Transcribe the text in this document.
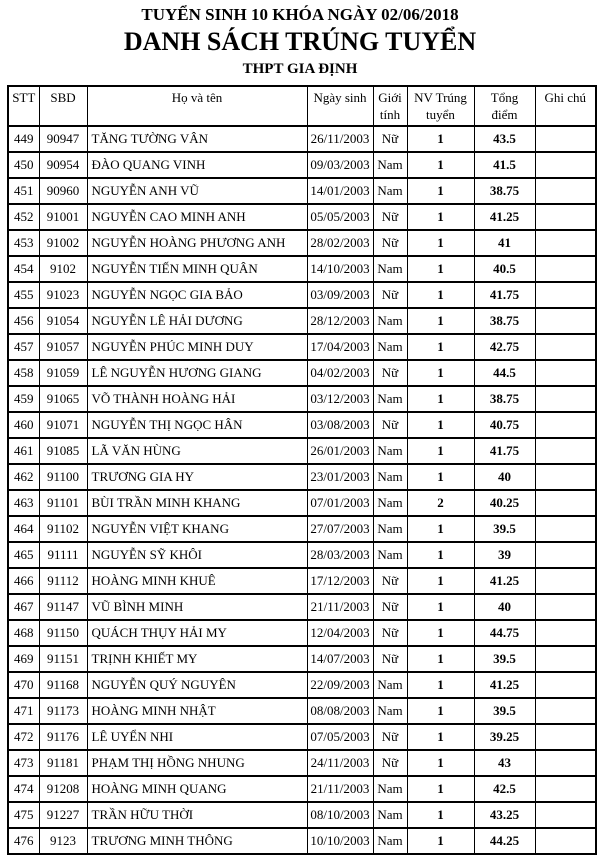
TUYỂN SINH 10 KHÓA NGÀY 02/06/2018
DANH SÁCH TRÚNG TUYỂN
THPT GIA ĐỊNH
STT	SBD	Họ và tên	Ngày sinh	Giới tính	NV Trúng tuyển	Tổng điểm	Ghi chú
449	90947	TĂNG TƯỜNG VÂN	26/11/2003	Nữ	1	43.5	
450	90954	ĐÀO QUANG VINH	09/03/2003	Nam	1	41.5	
451	90960	NGUYỄN ANH VŨ	14/01/2003	Nam	1	38.75	
452	91001	NGUYỄN CAO MINH ANH	05/05/2003	Nữ	1	41.25	
453	91002	NGUYỄN HOÀNG PHƯƠNG ANH	28/02/2003	Nữ	1	41	
454	9102	NGUYỄN TIẾN MINH QUÂN	14/10/2003	Nam	1	40.5	
455	91023	NGUYỄN NGỌC GIA BẢO	03/09/2003	Nữ	1	41.75	
456	91054	NGUYỄN LÊ HẢI DƯƠNG	28/12/2003	Nam	1	38.75	
457	91057	NGUYỄN PHÚC MINH DUY	17/04/2003	Nam	1	42.75	
458	91059	LÊ NGUYỄN HƯƠNG GIANG	04/02/2003	Nữ	1	44.5	
459	91065	VÕ THÀNH HOÀNG HẢI	03/12/2003	Nam	1	38.75	
460	91071	NGUYỄN THỊ NGỌC HÂN	03/08/2003	Nữ	1	40.75	
461	91085	LÃ VĂN HÙNG	26/01/2003	Nam	1	41.75	
462	91100	TRƯƠNG GIA HY	23/01/2003	Nam	1	40	
463	91101	BÙI TRẦN MINH KHANG	07/01/2003	Nam	2	40.25	
464	91102	NGUYỄN VIỆT KHANG	27/07/2003	Nam	1	39.5	
465	91111	NGUYỄN SỸ KHÔI	28/03/2003	Nam	1	39	
466	91112	HOÀNG MINH KHUÊ	17/12/2003	Nữ	1	41.25	
467	91147	VŨ BÌNH MINH	21/11/2003	Nữ	1	40	
468	91150	QUÁCH THỤY HẢI MY	12/04/2003	Nữ	1	44.75	
469	91151	TRỊNH KHIẾT MY	14/07/2003	Nữ	1	39.5	
470	91168	NGUYỄN QUÝ NGUYÊN	22/09/2003	Nam	1	41.25	
471	91173	HOÀNG MINH NHẬT	08/08/2003	Nam	1	39.5	
472	91176	LÊ UYỂN NHI	07/05/2003	Nữ	1	39.25	
473	91181	PHẠM THỊ HỒNG NHUNG	24/11/2003	Nữ	1	43	
474	91208	HOÀNG MINH QUANG	21/11/2003	Nam	1	42.5	
475	91227	TRẦN HỮU THỜI	08/10/2003	Nam	1	43.25	
476	9123	TRƯƠNG MINH THÔNG	10/10/2003	Nam	1	44.25	
